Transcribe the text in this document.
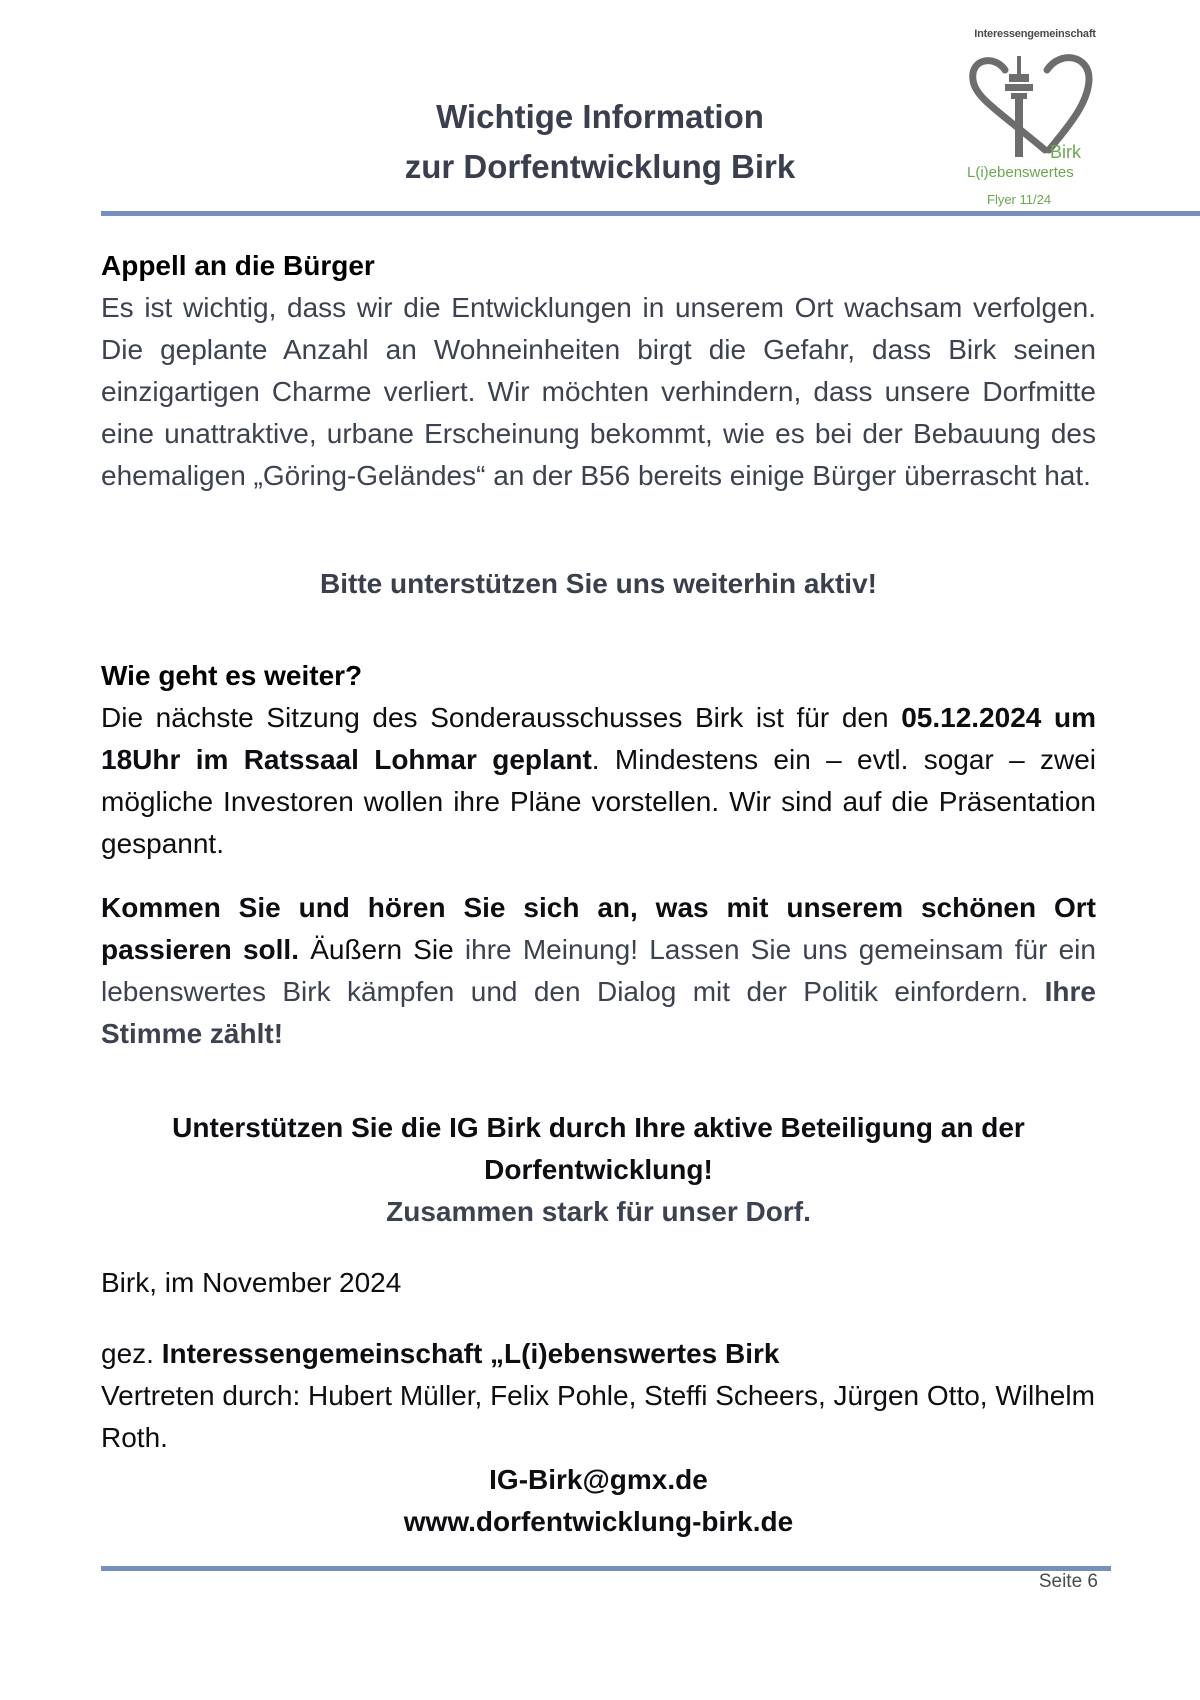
Wichtige Information
zur Dorfentwicklung Birk
Interessengemeinschaft
Birk
L(i)ebenswertes
Flyer 11/24
Appell an die Bürger
Es ist wichtig, dass wir die Entwicklungen in unserem Ort wachsam verfolgen. Die geplante Anzahl an Wohneinheiten birgt die Gefahr, dass Birk seinen einzigartigen Charme verliert. Wir möchten verhindern, dass unsere Dorfmitte eine unattraktive, urbane Erscheinung bekommt, wie es bei der Bebauung des ehemaligen „Göring-Geländes“ an der B56 bereits einige Bürger überrascht hat.
Bitte unterstützen Sie uns weiterhin aktiv!
Wie geht es weiter?
Die nächste Sitzung des Sonderausschusses Birk ist für den 05.12.2024 um 18Uhr im Ratssaal Lohmar geplant. Mindestens ein – evtl. sogar – zwei mögliche Investoren wollen ihre Pläne vorstellen. Wir sind auf die Präsentation gespannt.
Kommen Sie und hören Sie sich an, was mit unserem schönen Ort passieren soll. Äußern Sie ihre Meinung! Lassen Sie uns gemeinsam für ein lebenswertes Birk kämpfen und den Dialog mit der Politik einfordern. Ihre Stimme zählt!
Unterstützen Sie die IG Birk durch Ihre aktive Beteiligung an der Dorfentwicklung!
Zusammen stark für unser Dorf.
Birk, im November 2024
gez. Interessengemeinschaft „L(i)ebenswertes Birk
Vertreten durch: Hubert Müller, Felix Pohle, Steffi Scheers, Jürgen Otto, Wilhelm Roth.
IG-Birk@gmx.de
www.dorfentwicklung-birk.de
Seite 6
